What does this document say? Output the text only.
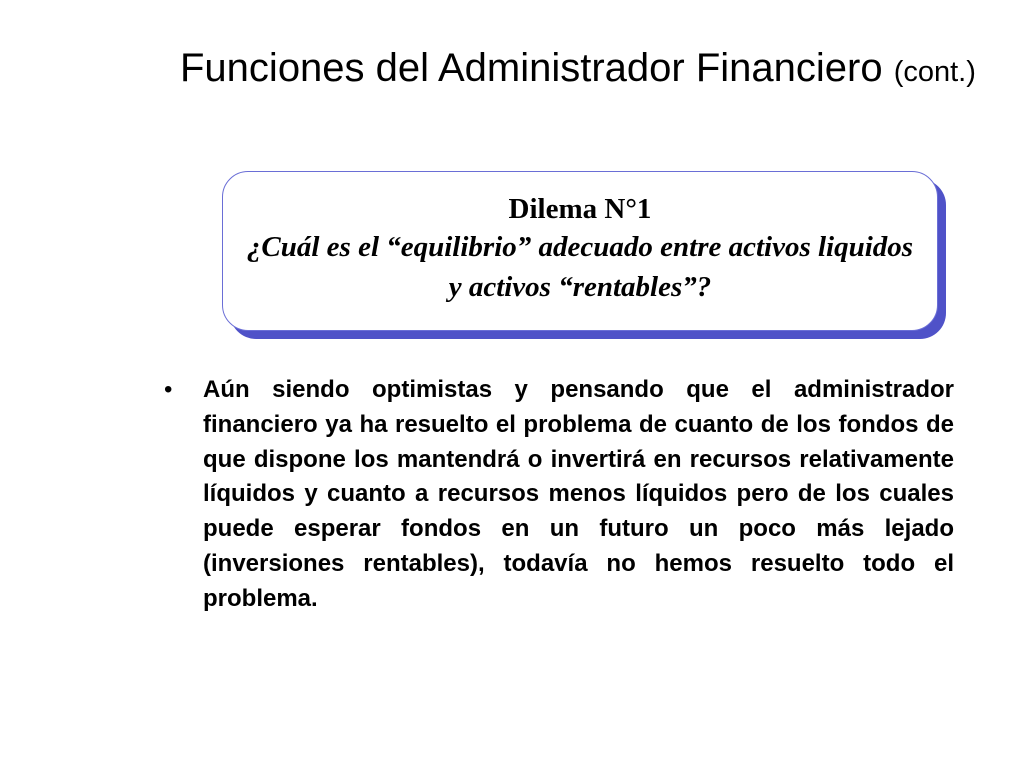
Funciones del Administrador Financiero (cont.)
Dilema N°1
¿Cuál es el “equilibrio” adecuado entre activos liquidos y activos “rentables”?
• Aún siendo optimistas y pensando que el administrador financiero ya ha resuelto el problema de cuanto de los fondos de que dispone los mantendrá o invertirá en recursos relativamente líquidos y cuanto a recursos menos líquidos pero de los cuales puede esperar fondos en un futuro un poco más lejado (inversiones rentables), todavía no hemos resuelto todo el problema.
